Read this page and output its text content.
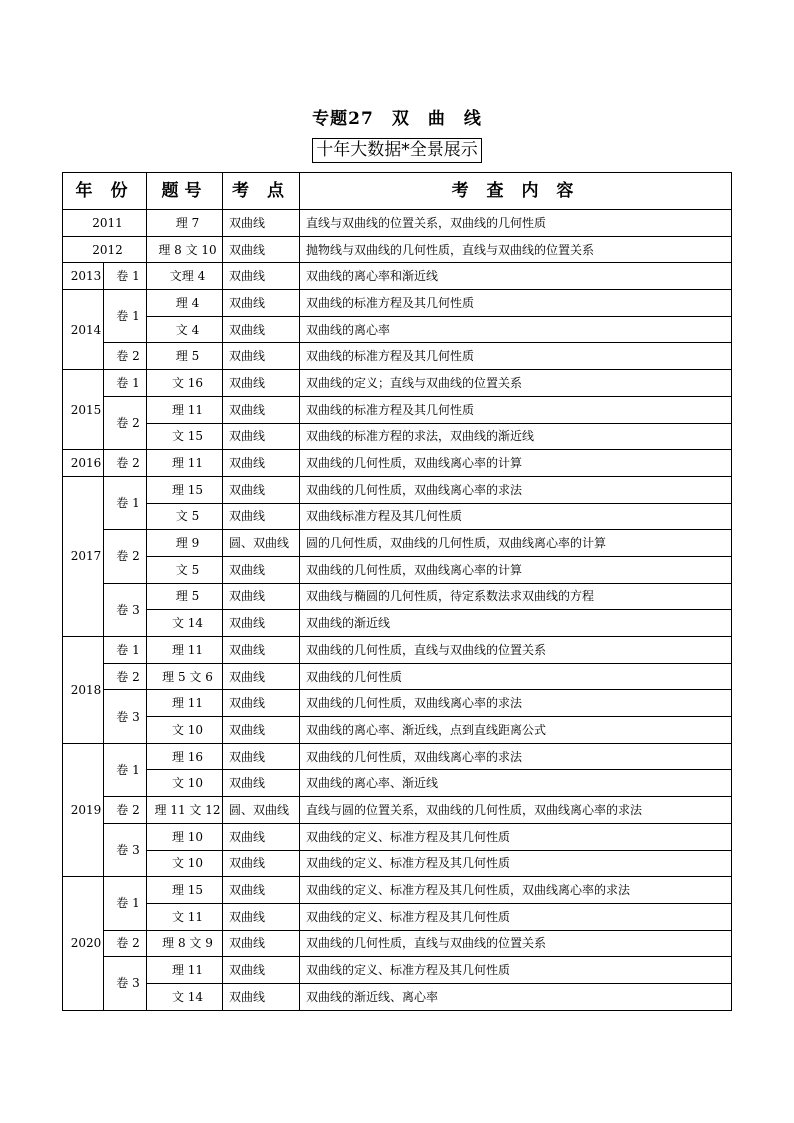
专题27　双　曲　线
十年大数据*全景展示
年 份		题号	考 点	考 查 内 容
2011		理 7	双曲线	直线与双曲线的位置关系，双曲线的几何性质
2012		理 8 文 10	双曲线	抛物线与双曲线的几何性质，直线与双曲线的位置关系
2013	卷 1	文理 4	双曲线	双曲线的离心率和渐近线
2014	卷 1	理 4	双曲线	双曲线的标准方程及其几何性质
		文 4	双曲线	双曲线的离心率
	卷 2	理 5	双曲线	双曲线的标准方程及其几何性质
2015	卷 1	文 16	双曲线	双曲线的定义；直线与双曲线的位置关系
	卷 2	理 11	双曲线	双曲线的标准方程及其几何性质
		文 15	双曲线	双曲线的标准方程的求法，双曲线的渐近线
2016	卷 2	理 11	双曲线	双曲线的几何性质，双曲线离心率的计算
2017	卷 1	理 15	双曲线	双曲线的几何性质，双曲线离心率的求法
		文 5	双曲线	双曲线标准方程及其几何性质
	卷 2	理 9	圆、双曲线	圆的几何性质，双曲线的几何性质，双曲线离心率的计算
		文 5	双曲线	双曲线的几何性质，双曲线离心率的计算
	卷 3	理 5	双曲线	双曲线与椭圆的几何性质，待定系数法求双曲线的方程
		文 14	双曲线	双曲线的渐近线
2018	卷 1	理 11	双曲线	双曲线的几何性质，直线与双曲线的位置关系
	卷 2	理 5 文 6	双曲线	双曲线的几何性质
	卷 3	理 11	双曲线	双曲线的几何性质，双曲线离心率的求法
		文 10	双曲线	双曲线的离心率、渐近线，点到直线距离公式
2019	卷 1	理 16	双曲线	双曲线的几何性质，双曲线离心率的求法
		文 10	双曲线	双曲线的离心率、渐近线
	卷 2	理 11 文 12	圆、双曲线	直线与圆的位置关系，双曲线的几何性质，双曲线离心率的求法
	卷 3	理 10	双曲线	双曲线的定义、标准方程及其几何性质
		文 10	双曲线	双曲线的定义、标准方程及其几何性质
2020	卷 1	理 15	双曲线	双曲线的定义、标准方程及其几何性质，双曲线离心率的求法
		文 11	双曲线	双曲线的定义、标准方程及其几何性质
	卷 2	理 8 文 9	双曲线	双曲线的几何性质，直线与双曲线的位置关系
	卷 3	理 11	双曲线	双曲线的定义、标准方程及其几何性质
		文 14	双曲线	双曲线的渐近线、离心率
